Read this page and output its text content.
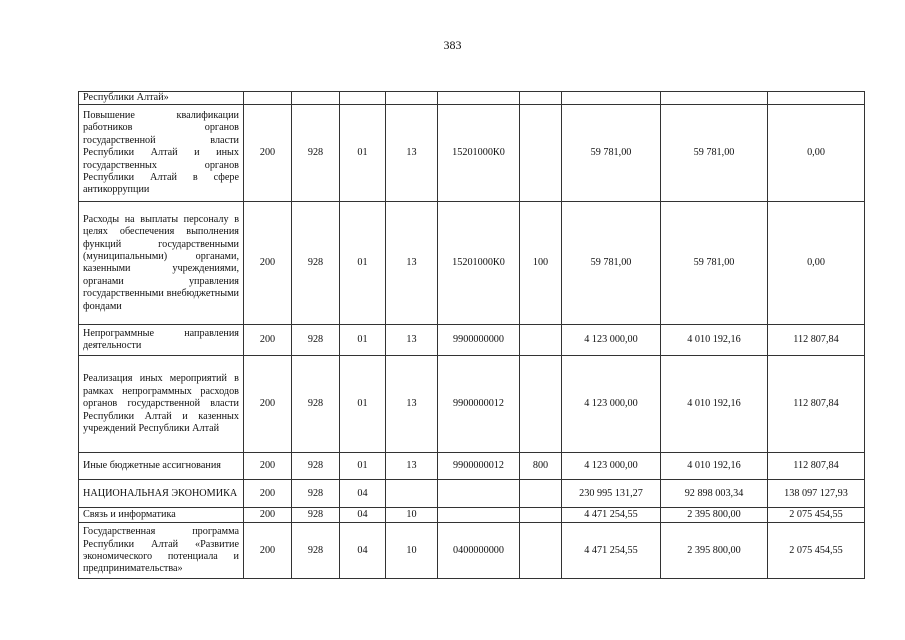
383
Республики Алтай»									
Повышение квалификации работников органов государственной власти Республики Алтай и иных государственных органов Республики Алтай в сфере антикоррупции	200	928	01	13	15201000К0		59 781,00	59 781,00	0,00
Расходы на выплаты персоналу в целях обеспечения выполнения функций государственными (муниципальными) органами, казенными учреждениями, органами управления государственными внебюджетными фондами	200	928	01	13	15201000К0	100	59 781,00	59 781,00	0,00
Непрограммные направления деятельности	200	928	01	13	9900000000		4 123 000,00	4 010 192,16	112 807,84
Реализация иных мероприятий в рамках непрограммных расходов органов государственной власти Республики Алтай и казенных учреждений Республики Алтай	200	928	01	13	9900000012		4 123 000,00	4 010 192,16	112 807,84
Иные бюджетные ассигнования	200	928	01	13	9900000012	800	4 123 000,00	4 010 192,16	112 807,84
НАЦИОНАЛЬНАЯ ЭКОНОМИКА	200	928	04				230 995 131,27	92 898 003,34	138 097 127,93
Связь и информатика	200	928	04	10			4 471 254,55	2 395 800,00	2 075 454,55
Государственная программа Республики Алтай «Развитие экономического потенциала и предпринимательства»	200	928	04	10	0400000000		4 471 254,55	2 395 800,00	2 075 454,55
